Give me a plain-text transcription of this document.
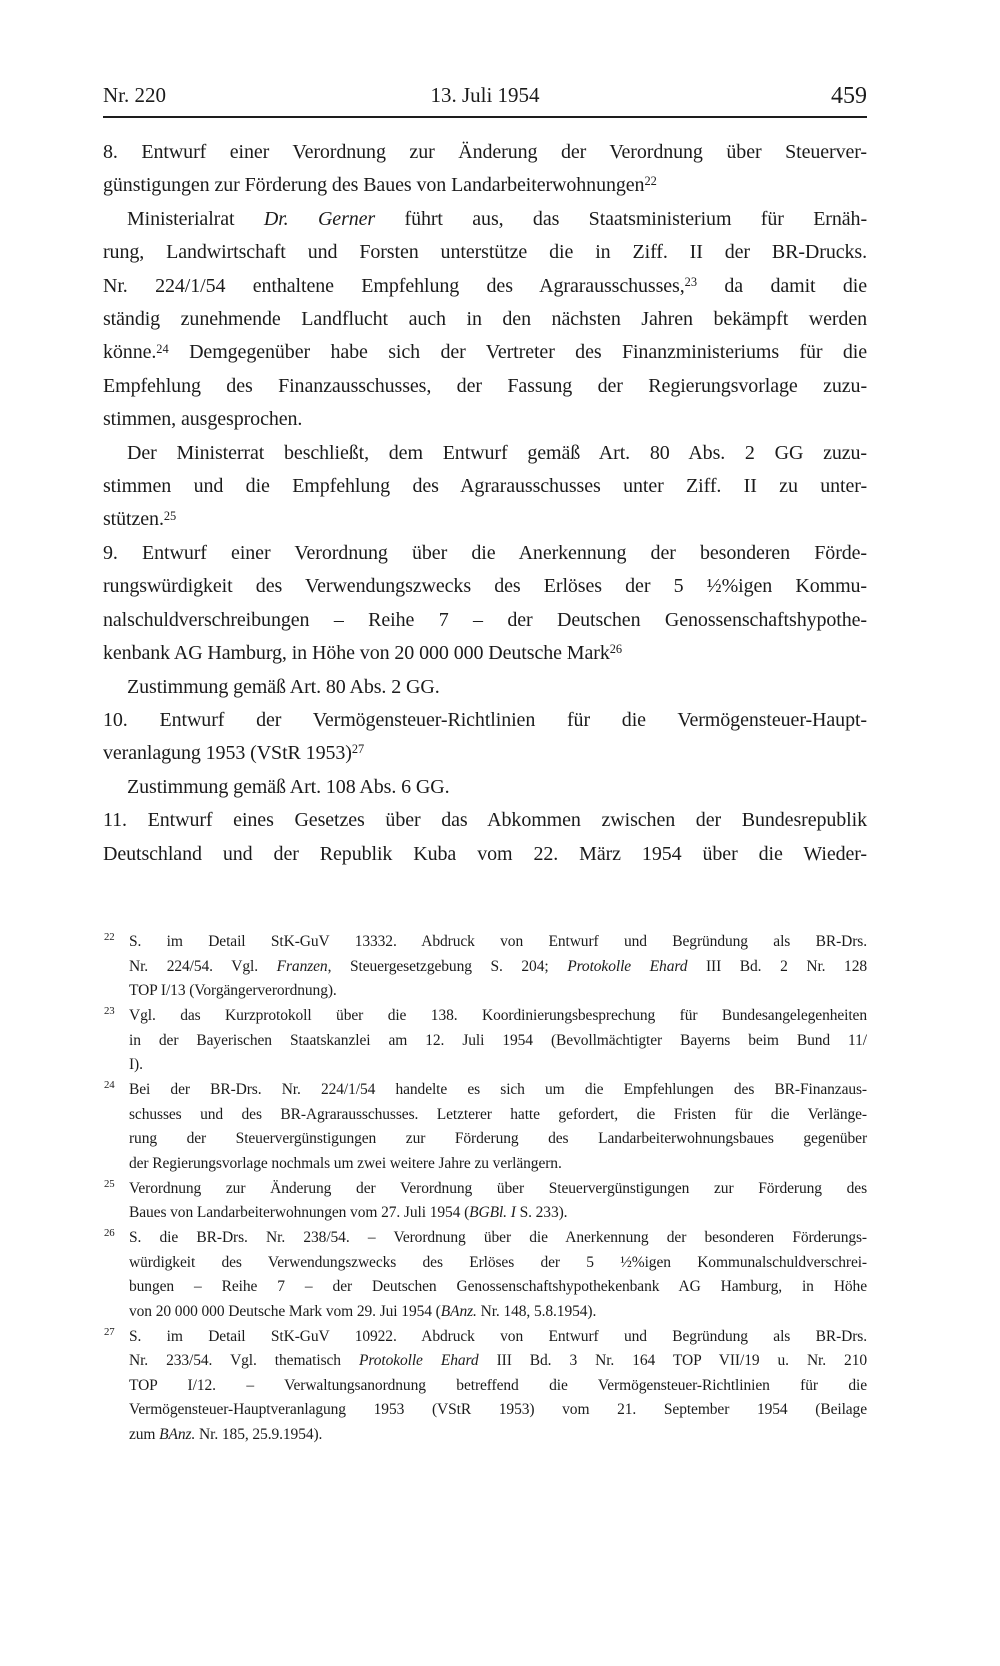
Nr. 220	13. Juli 1954	459
8. Entwurf einer Verordnung zur Änderung der Verordnung über Steuerver-
günstigungen zur Förderung des Baues von Landarbeiterwohnungen$^{22}$
Ministerialrat Dr. Gerner führt aus, das Staatsministerium für Ernäh-
rung, Landwirtschaft und Forsten unterstütze die in Ziff. II der BR-Drucks.
Nr. 224/1/54 enthaltene Empfehlung des Agrarausschusses,$^{23}$ da damit die
ständig zunehmende Landflucht auch in den nächsten Jahren bekämpft werden
könne.$^{24}$ Demgegenüber habe sich der Vertreter des Finanzministeriums für die
Empfehlung des Finanzausschusses, der Fassung der Regierungsvorlage zuzu-
stimmen, ausgesprochen.
Der Ministerrat beschließt, dem Entwurf gemäß Art. 80 Abs. 2 GG zuzu-
stimmen und die Empfehlung des Agrarausschusses unter Ziff. II zu unter-
stützen.$^{25}$
9. Entwurf einer Verordnung über die Anerkennung der besonderen Förde-
rungswürdigkeit des Verwendungszwecks des Erlöses der 5 ½%igen Kommu-
nalschuldverschreibungen – Reihe 7 – der Deutschen Genossenschaftshypothe-
kenbank AG Hamburg, in Höhe von 20 000 000 Deutsche Mark$^{26}$
Zustimmung gemäß Art. 80 Abs. 2 GG.
10. Entwurf der Vermögensteuer-Richtlinien für die Vermögensteuer-Haupt-
veranlagung 1953 (VStR 1953)$^{27}$
Zustimmung gemäß Art. 108 Abs. 6 GG.
11. Entwurf eines Gesetzes über das Abkommen zwischen der Bundesrepublik
Deutschland und der Republik Kuba vom 22. März 1954 über die Wieder-
22 S. im Detail StK-GuV 13332. Abdruck von Entwurf und Begründung als BR-Drs.
Nr. 224/54. Vgl. Franzen, Steuergesetzgebung S. 204; Protokolle Ehard III Bd. 2 Nr. 128
TOP I/13 (Vorgängerverordnung).
23 Vgl. das Kurzprotokoll über die 138. Koordinierungsbesprechung für Bundesangelegenheiten
in der Bayerischen Staatskanzlei am 12. Juli 1954 (Bevollmächtigter Bayerns beim Bund 11/
I).
24 Bei der BR-Drs. Nr. 224/1/54 handelte es sich um die Empfehlungen des BR-Finanzaus-
schusses und des BR-Agrarausschusses. Letzterer hatte gefordert, die Fristen für die Verlänge-
rung der Steuervergünstigungen zur Förderung des Landarbeiterwohnungsbaues gegenüber
der Regierungsvorlage nochmals um zwei weitere Jahre zu verlängern.
25 Verordnung zur Änderung der Verordnung über Steuervergünstigungen zur Förderung des
Baues von Landarbeiterwohnungen vom 27. Juli 1954 (BGBl. I S. 233).
26 S. die BR-Drs. Nr. 238/54. – Verordnung über die Anerkennung der besonderen Förderungs-
würdigkeit des Verwendungszwecks des Erlöses der 5 ½%igen Kommunalschuldverschrei-
bungen – Reihe 7 – der Deutschen Genossenschaftshypothekenbank AG Hamburg, in Höhe
von 20 000 000 Deutsche Mark vom 29. Jui 1954 (BAnz. Nr. 148, 5.8.1954).
27 S. im Detail StK-GuV 10922. Abdruck von Entwurf und Begründung als BR-Drs.
Nr. 233/54. Vgl. thematisch Protokolle Ehard III Bd. 3 Nr. 164 TOP VII/19 u. Nr. 210
TOP I/12. – Verwaltungsanordnung betreffend die Vermögensteuer-Richtlinien für die
Vermögensteuer-Hauptveranlagung 1953 (VStR 1953) vom 21. September 1954 (Beilage
zum BAnz. Nr. 185, 25.9.1954).
